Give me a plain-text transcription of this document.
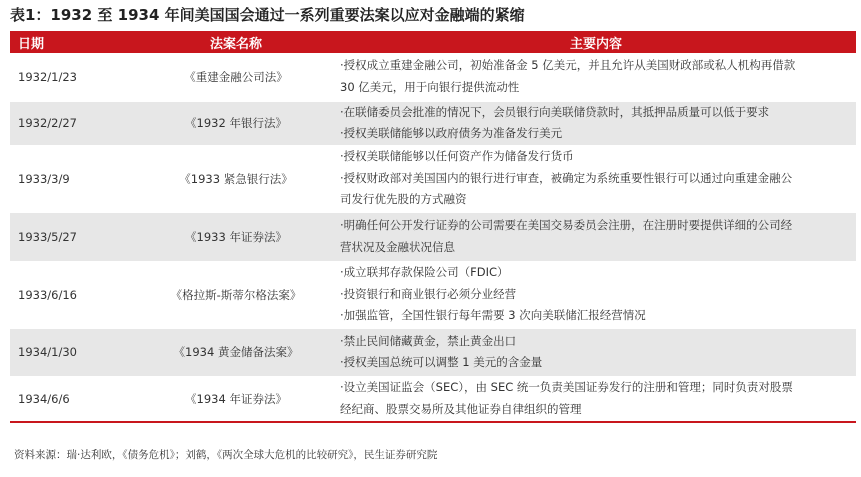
表1：1932 至 1934 年间美国国会通过一系列重要法案以应对金融端的紧缩
日期	法案名称	主要内容
1932/1/23	《重建金融公司法》	·授权成立重建金融公司，初始准备金 5 亿美元，并且允许从美国财政部或私人机构再借款
30 亿美元，用于向银行提供流动性

1932/2/27	《1932 年银行法》	·在联储委员会批准的情况下，会员银行向美联储贷款时，其抵押品质量可以低于要求
·授权美联储能够以政府债务为准备发行美元

1933/3/9	《1933 紧急银行法》	·授权美联储能够以任何资产作为储备发行货币
·授权财政部对美国国内的银行进行审查，被确定为系统重要性银行可以通过向重建金融公
司发行优先股的方式融资

1933/5/27	《1933 年证券法》	·明确任何公开发行证券的公司需要在美国交易委员会注册，在注册时要提供详细的公司经
营状况及金融状况信息

1933/6/16	《格拉斯-斯蒂尔格法案》	·成立联邦存款保险公司（FDIC）
·投资银行和商业银行必须分业经营
·加强监管，全国性银行每年需要 3 次向美联储汇报经营情况

1934/1/30	《1934 黄金储备法案》	·禁止民间储藏黄金，禁止黄金出口
·授权美国总统可以调整 1 美元的含金量

1934/6/6	《1934 年证券法》	·设立美国证监会（SEC），由 SEC 统一负责美国证券发行的注册和管理；同时负责对股票
经纪商、股票交易所及其他证券自律组织的管理
资料来源：瑞·达利欧，《债务危机》；刘鹤，《两次全球大危机的比较研究》，民生证券研究院
